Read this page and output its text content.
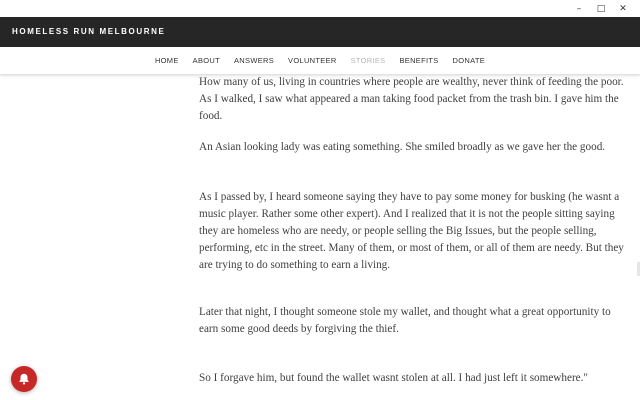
–	□	✕
HOMELESS RUN MELBOURNE
HOME ABOUT ANSWERS VOLUNTEER STORIES BENEFITS DONATE

How many of us, living in countries where people are wealthy, never think of feeding the poor. As I walked, I saw what appeared a man taking food packet from the trash bin. I gave him the food.

An Asian looking lady was eating something. She smiled broadly as we gave her the good.

As I passed by, I heard someone saying they have to pay some money for busking (he wasnt a music player. Rather some other expert). And I realized that it is not the people sitting saying they are homeless who are needy, or people selling the Big Issues, but the people selling, performing, etc in the street. Many of them, or most of them, or all of them are needy. But they are trying to do something to earn a living.

Later that night, I thought someone stole my wallet, and thought what a great opportunity to earn some good deeds by forgiving the thief.

So I forgave him, but found the wallet wasnt stolen at all. I had just left it somewhere."
